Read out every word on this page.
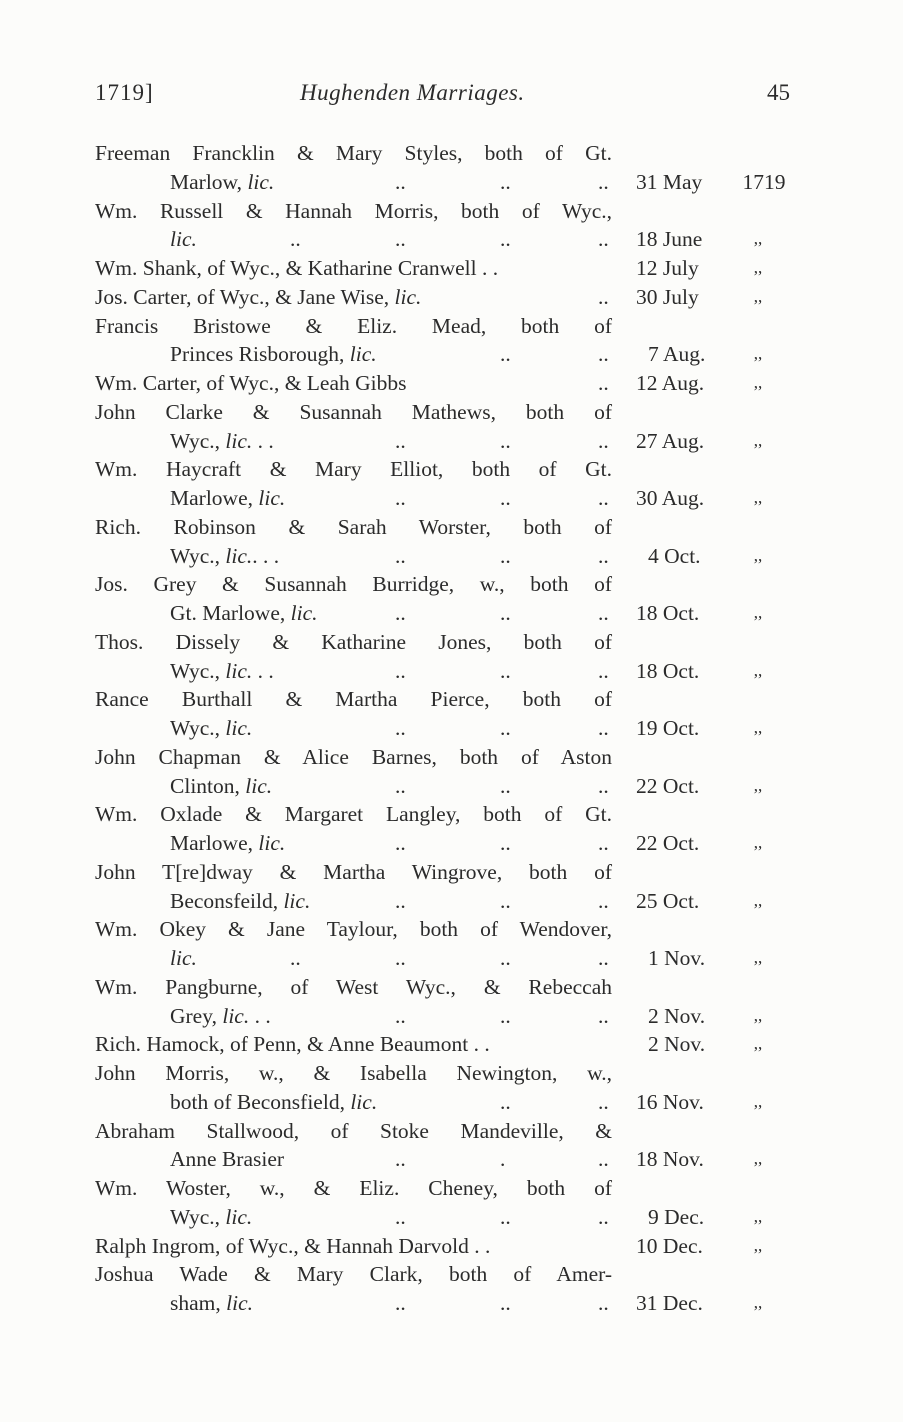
1719]	Hughenden Marriages.	45
Freeman Francklin & Mary Styles, both of Gt.
Marlow, lic.	..	..	.. 31 May 1719
Wm. Russell & Hannah Morris, both of Wyc.,
lic.	..	..	..	.. 18 June	,,
Wm. Shank, of Wyc., & Katharine Cranwell . .	12 July	,,
Jos. Carter, of Wyc., & Jane Wise, lic.	.. 30 July	,,
Francis Bristowe & Eliz. Mead, both of
Princes Risborough, lic.	..	.. 7 Aug.	,,
Wm. Carter, of Wyc., & Leah Gibbs	.. 12 Aug.	,,
John Clarke & Susannah Mathews, both of
Wyc., lic. . .	..	..	.. 27 Aug.	,,
Wm. Haycraft & Mary Elliot, both of Gt.
Marlowe, lic.	..	..	.. 30 Aug.	,,
Rich. Robinson & Sarah Worster, both of
Wyc., lic.. . .	..	..	.. 4 Oct.	,,
Jos. Grey & Susannah Burridge, w., both of
Gt. Marlowe, lic.	..	..	.. 18 Oct.	,,
Thos. Dissely & Katharine Jones, both of
Wyc., lic. . .	..	..	.. 18 Oct.	,,
Rance Burthall & Martha Pierce, both of
Wyc., lic.	..	..	.. 19 Oct.	,,
John Chapman & Alice Barnes, both of Aston
Clinton, lic.	..	..	.. 22 Oct.	,,
Wm. Oxlade & Margaret Langley, both of Gt.
Marlowe, lic.	..	..	.. 22 Oct.	,,
John T[re]dway & Martha Wingrove, both of
Beconsfeild, lic.	..	..	.. 25 Oct.	,,
Wm. Okey & Jane Taylour, both of Wendover,
lic.	..	..	..	.. 1 Nov.	,,
Wm. Pangburne, of West Wyc., & Rebeccah
Grey, lic. . .	..	..	.. 2 Nov.	,,
Rich. Hamock, of Penn, & Anne Beaumont . .	2 Nov.	,,
John Morris, w., & Isabella Newington, w.,
both of Beconsfield, lic.	..	.. 16 Nov.	,,
Abraham Stallwood, of Stoke Mandeville, &
Anne Brasier	..	.	.. 18 Nov.	,,
Wm. Woster, w., & Eliz. Cheney, both of
Wyc., lic.	..	..	.. 9 Dec.	,,
Ralph Ingrom, of Wyc., & Hannah Darvold . .	10 Dec.	,,
Joshua Wade & Mary Clark, both of Amer-
sham, lic.	..	..	.. 31 Dec.	,,
